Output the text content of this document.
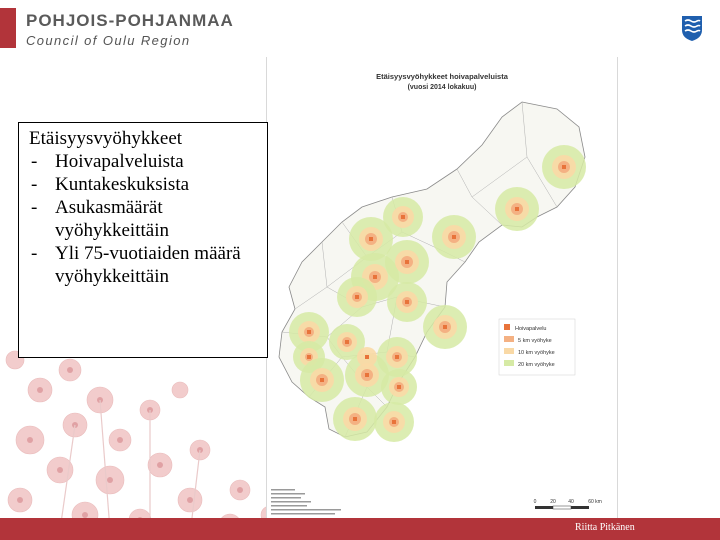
POHJOIS-POHJANMAA
Council of Oulu Region
Etäisyysvyöhykkeet hoivapalveluista
(vuosi 2014 lokakuu)
Hoivapalvelu
5 km vyöhyke
10 km vyöhyke
20 km vyöhyke
0	20 40	60 km
Etäisyysvyöhykkeet
- Hoivapalveluista
- Kuntakeskuksista
- Asukasmäärät vyöhykkeittäin
- Yli 75-vuotiaiden määrä vyöhykkeittäin
Riitta Pitkänen
